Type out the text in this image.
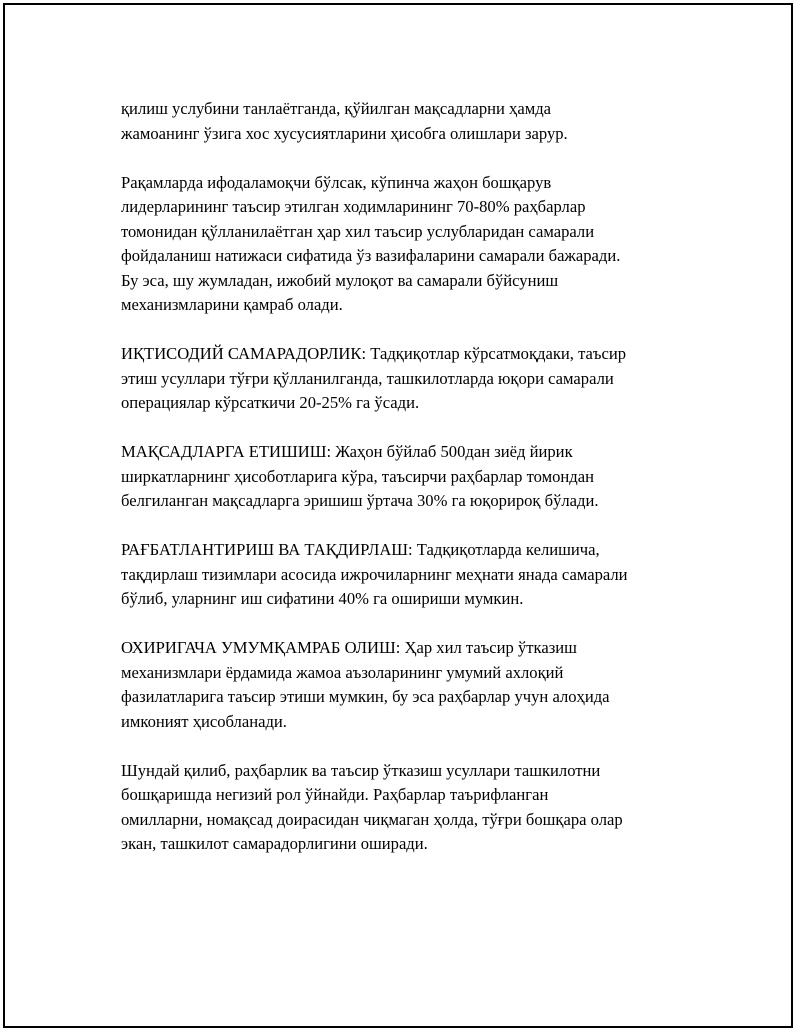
қилиш услубини танлаётганда, қўйилган мақсадларни ҳамда
жамоанинг ўзига хос хусусиятларини ҳисобга олишлари зарур.

Рақамларда ифодаламоқчи бўлсак, кўпинча жаҳон бошқарув
лидерларининг таъсир этилган ходимларининг 70-80% раҳбарлар
томонидан қўлланилаётган ҳар хил таъсир услубларидан самарали
фойдаланиш натижаси сифатида ўз вазифаларини самарали бажаради.
Бу эса, шу жумладан, ижобий мулоқот ва самарали бўйсуниш
механизмларини қамраб олади.

ИҚТИСОДИЙ САМАРАДОРЛИК: Тадқиқотлар кўрсатмоқдаки, таъсир
этиш усуллари тўғри қўлланилганда, ташкилотларда юқори самарали
операциялар кўрсаткичи 20-25% га ўсади.

МАҚСАДЛАРГА ЕТИШИШ: Жаҳон бўйлаб 500дан зиёд йирик
ширкатларнинг ҳисоботларига кўра, таъсирчи раҳбарлар томондан
белгиланган мақсадларга эришиш ўртача 30% га юқорироқ бўлади.

РАҒБАТЛАНТИРИШ ВА ТАҚДИРЛАШ: Тадқиқотларда келишича,
тақдирлаш тизимлари асосида ижрочиларнинг меҳнати янада самарали
бўлиб, уларнинг иш сифатини 40% га ошириши мумкин.

ОХИРИГАЧА УМУМҚАМРАБ ОЛИШ: Ҳар хил таъсир ўтказиш
механизмлари ёрдамида жамоа аъзоларининг умумий ахлоқий
фазилатларига таъсир этиши мумкин, бу эса раҳбарлар учун алоҳида
имконият ҳисобланади.

Шундай қилиб, раҳбарлик ва таъсир ўтказиш усуллари ташкилотни
бошқаришда негизий рол ўйнайди. Раҳбарлар таърифланган
омилларни, номақсад доирасидан чиқмаган ҳолда, тўғри бошқара олар
экан, ташкилот самарадорлигини оширади.
